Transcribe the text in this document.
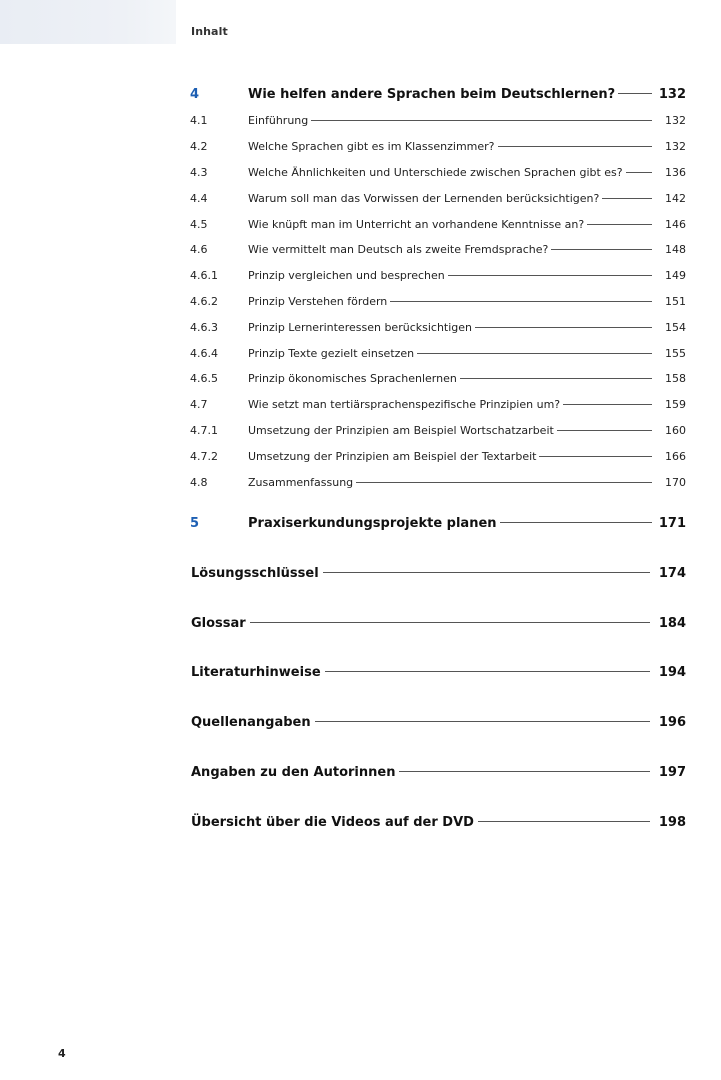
Inhalt
4	Wie helfen andere Sprachen beim Deutschlernen?	132
4.1	Einführung	132
4.2	Welche Sprachen gibt es im Klassenzimmer?	132
4.3	Welche Ähnlichkeiten und Unterschiede zwischen Sprachen gibt es?	136
4.4	Warum soll man das Vorwissen der Lernenden berücksichtigen?	142
4.5	Wie knüpft man im Unterricht an vorhandene Kenntnisse an?	146
4.6	Wie vermittelt man Deutsch als zweite Fremdsprache?	148
4.6.1	Prinzip vergleichen und besprechen	149
4.6.2	Prinzip Verstehen fördern	151
4.6.3	Prinzip Lernerinteressen berücksichtigen	154
4.6.4	Prinzip Texte gezielt einsetzen	155
4.6.5	Prinzip ökonomisches Sprachenlernen	158
4.7	Wie setzt man tertiärsprachenspezifische Prinzipien um?	159
4.7.1	Umsetzung der Prinzipien am Beispiel Wortschatzarbeit	160
4.7.2	Umsetzung der Prinzipien am Beispiel der Textarbeit	166
4.8	Zusammenfassung	170
5	Praxiserkundungsprojekte planen	171
Lösungsschlüssel	174
Glossar	184
Literaturhinweise	194
Quellenangaben	196
Angaben zu den Autorinnen	197
Übersicht über die Videos auf der DVD	198
4
